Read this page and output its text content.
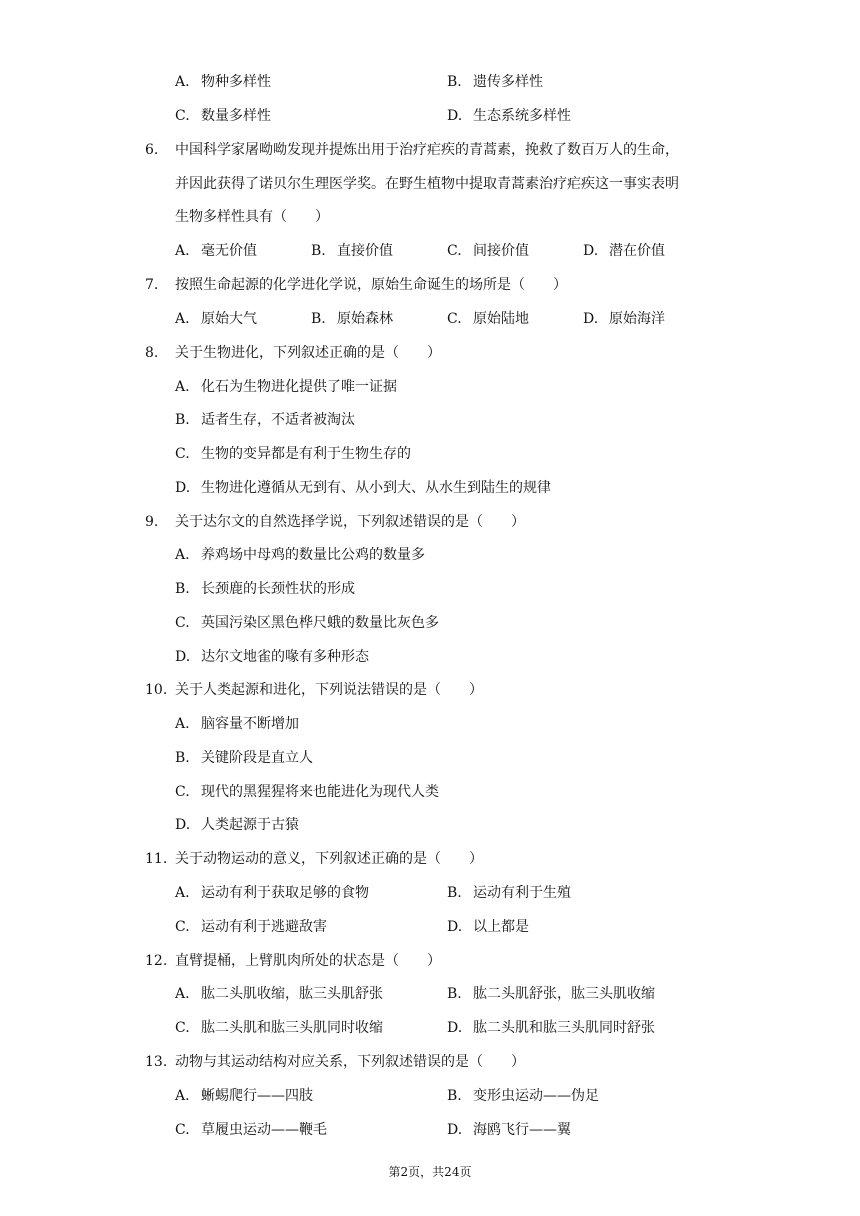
A. 物种多样性	B. 遗传多样性
C. 数量多样性	D. 生态系统多样性
6. 中国科学家屠呦呦发现并提炼出用于治疗疟疾的青蒿素，挽救了数百万人的生命，
并因此获得了诺贝尔生理医学奖。在野生植物中提取青蒿素治疗疟疾这一事实表明
生物多样性具有（　　）
A. 毫无价值	B. 直接价值	C. 间接价值	D. 潜在价值
7. 按照生命起源的化学进化学说，原始生命诞生的场所是（　　）
A. 原始大气	B. 原始森林	C. 原始陆地	D. 原始海洋
8. 关于生物进化，下列叙述正确的是（　　）
A. 化石为生物进化提供了唯一证据
B. 适者生存，不适者被淘汰
C. 生物的变异都是有利于生物生存的
D. 生物进化遵循从无到有、从小到大、从水生到陆生的规律
9. 关于达尔文的自然选择学说，下列叙述错误的是（　　）
A. 养鸡场中母鸡的数量比公鸡的数量多
B. 长颈鹿的长颈性状的形成
C. 英国污染区黑色桦尺蛾的数量比灰色多
D. 达尔文地雀的喙有多种形态
10. 关于人类起源和进化，下列说法错误的是（　　）
A. 脑容量不断增加
B. 关键阶段是直立人
C. 现代的黑猩猩将来也能进化为现代人类
D. 人类起源于古猿
11. 关于动物运动的意义，下列叙述正确的是（　　）
A. 运动有利于获取足够的食物	B. 运动有利于生殖
C. 运动有利于逃避敌害	D. 以上都是
12. 直臂提桶，上臂肌肉所处的状态是（　　）
A. 肱二头肌收缩，肱三头肌舒张	B. 肱二头肌舒张，肱三头肌收缩
C. 肱二头肌和肱三头肌同时收缩	D. 肱二头肌和肱三头肌同时舒张
13. 动物与其运动结构对应关系，下列叙述错误的是（　　）
A. 蜥蜴爬行——四肢	B. 变形虫运动——伪足
C. 草履虫运动——鞭毛	D. 海鸥飞行——翼
第2页，共24页
